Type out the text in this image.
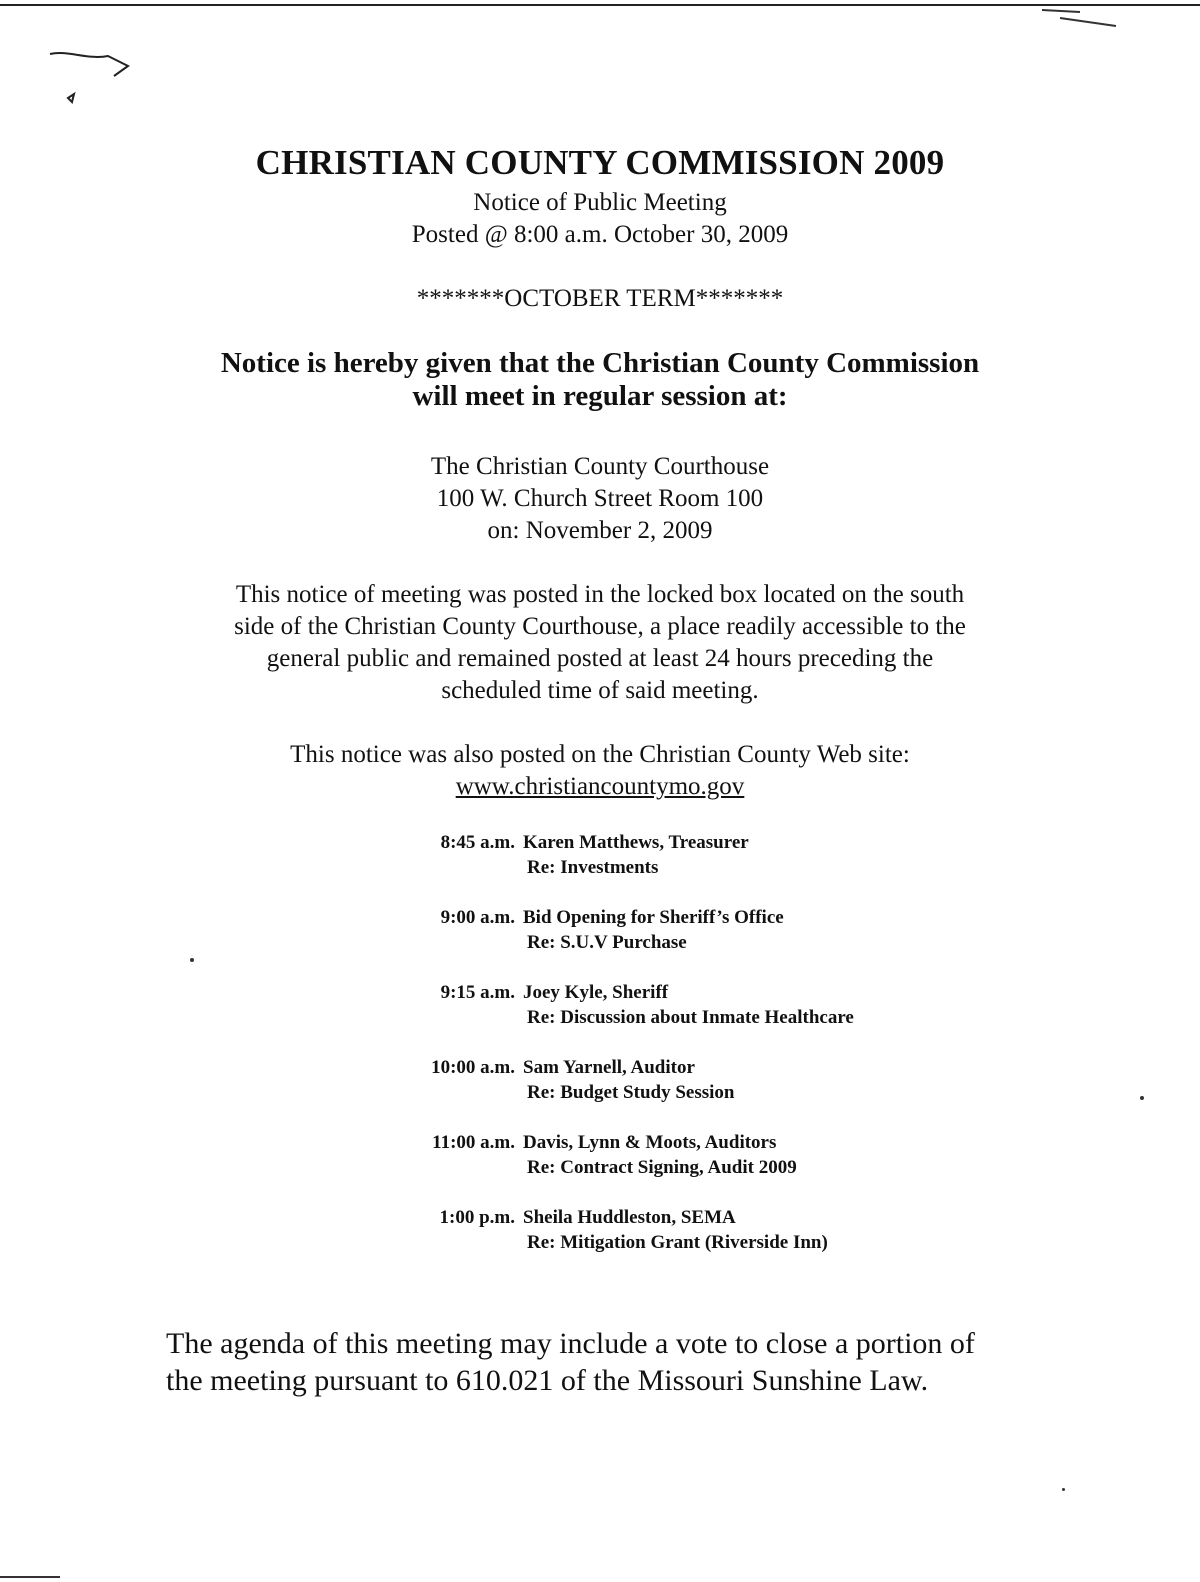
CHRISTIAN COUNTY COMMISSION 2009
Notice of Public Meeting
Posted @ 8:00 a.m. October 30, 2009
*******OCTOBER TERM*******
Notice is hereby given that the Christian County Commission
will meet in regular session at:
The Christian County Courthouse
100 W. Church Street Room 100
on: November 2, 2009
This notice of meeting was posted in the locked box located on the south
side of the Christian County Courthouse, a place readily accessible to the
general public and remained posted at least 24 hours preceding the
scheduled time of said meeting.
This notice was also posted on the Christian County Web site:
www.christiancountymo.gov
8:45 a.m. Karen Matthews, Treasurer
Re: Investments
9:00 a.m. Bid Opening for Sheriff’s Office
Re: S.U.V Purchase
9:15 a.m. Joey Kyle, Sheriff
Re: Discussion about Inmate Healthcare
10:00 a.m. Sam Yarnell, Auditor
Re: Budget Study Session
11:00 a.m. Davis, Lynn & Moots, Auditors
Re: Contract Signing, Audit 2009
1:00 p.m. Sheila Huddleston, SEMA
Re: Mitigation Grant (Riverside Inn)
The agenda of this meeting may include a vote to close a portion of
the meeting pursuant to 610.021 of the Missouri Sunshine Law.
